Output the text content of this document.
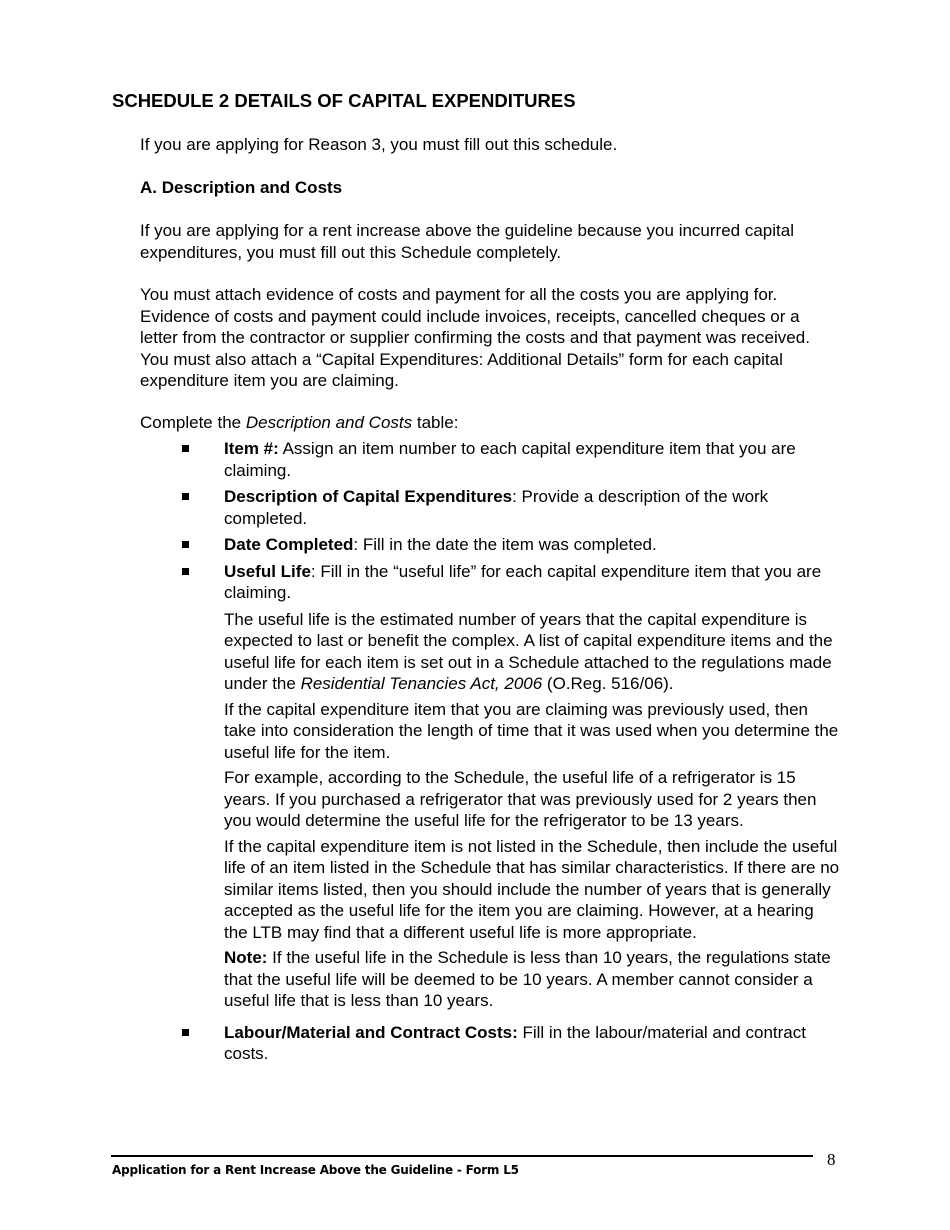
SCHEDULE 2 DETAILS OF CAPITAL EXPENDITURES

If you are applying for Reason 3, you must fill out this schedule.

A. Description and Costs

If you are applying for a rent increase above the guideline because you incurred capital expenditures, you must fill out this Schedule completely.

You must attach evidence of costs and payment for all the costs you are applying for. Evidence of costs and payment could include invoices, receipts, cancelled cheques or a letter from the contractor or supplier confirming the costs and that payment was received. You must also attach a “Capital Expenditures: Additional Details” form for each capital expenditure item you are claiming.

Complete the Description and Costs table:

Item #: Assign an item number to each capital expenditure item that you are claiming.
Description of Capital Expenditures: Provide a description of the work completed.
Date Completed: Fill in the date the item was completed.
Useful Life: Fill in the “useful life” for each capital expenditure item that you are claiming.

The useful life is the estimated number of years that the capital expenditure is expected to last or benefit the complex. A list of capital expenditure items and the useful life for each item is set out in a Schedule attached to the regulations made under the Residential Tenancies Act, 2006 (O.Reg. 516/06).

If the capital expenditure item that you are claiming was previously used, then take into consideration the length of time that it was used when you determine the useful life for the item.

For example, according to the Schedule, the useful life of a refrigerator is 15 years. If you purchased a refrigerator that was previously used for 2 years then you would determine the useful life for the refrigerator to be 13 years.

If the capital expenditure item is not listed in the Schedule, then include the useful life of an item listed in the Schedule that has similar characteristics. If there are no similar items listed, then you should include the number of years that is generally accepted as the useful life for the item you are claiming. However, at a hearing the LTB may find that a different useful life is more appropriate.

Note: If the useful life in the Schedule is less than 10 years, the regulations state that the useful life will be deemed to be 10 years. A member cannot consider a useful life that is less than 10 years.

Labour/Material and Contract Costs: Fill in the labour/material and contract costs.
Application for a Rent Increase Above the Guideline - Form L5
8
